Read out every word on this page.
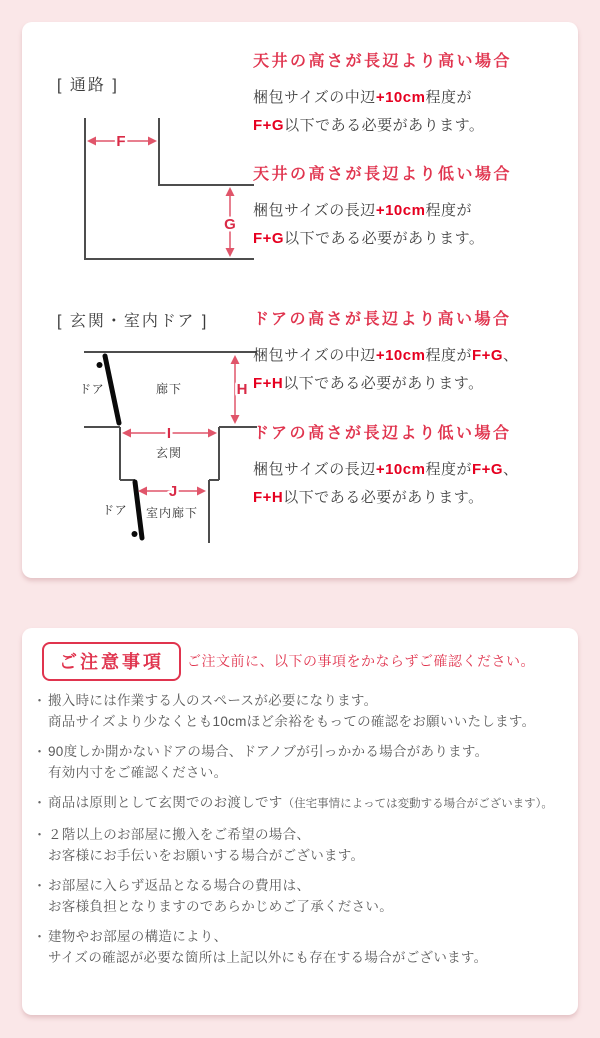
[ 通路 ]
F
G
天井の高さが長辺より高い場合
梱包サイズの中辺+10cm程度が
F+G以下である必要があります。
天井の高さが長辺より低い場合
梱包サイズの長辺+10cm程度が
F+G以下である必要があります。
[ 玄関・室内ドア ]
ドア	廊下	H
I
玄関
J
ドア 室内廊下
ドアの高さが長辺より高い場合
梱包サイズの中辺+10cm程度がF+G、
F+H以下である必要があります。
ドアの高さが長辺より低い場合
梱包サイズの長辺+10cm程度がF+G、
F+H以下である必要があります。
ご注意事項 ご注文前に、以下の事項をかならずご確認ください。
・ 搬入時には作業する人のスペースが必要になります。
商品サイズより少なくとも10cmほど余裕をもっての確認をお願いいたします。
・ 90度しか開かないドアの場合、ドアノブが引っかかる場合があります。
有効内寸をご確認ください。
・ 商品は原則として玄関でのお渡しです（住宅事情によっては変動する場合がございます）。
・ ２階以上のお部屋に搬入をご希望の場合、
お客様にお手伝いをお願いする場合がございます。
・ お部屋に入らず返品となる場合の費用は、
お客様負担となりますのであらかじめご了承ください。
・ 建物やお部屋の構造により、
サイズの確認が必要な箇所は上記以外にも存在する場合がございます。
